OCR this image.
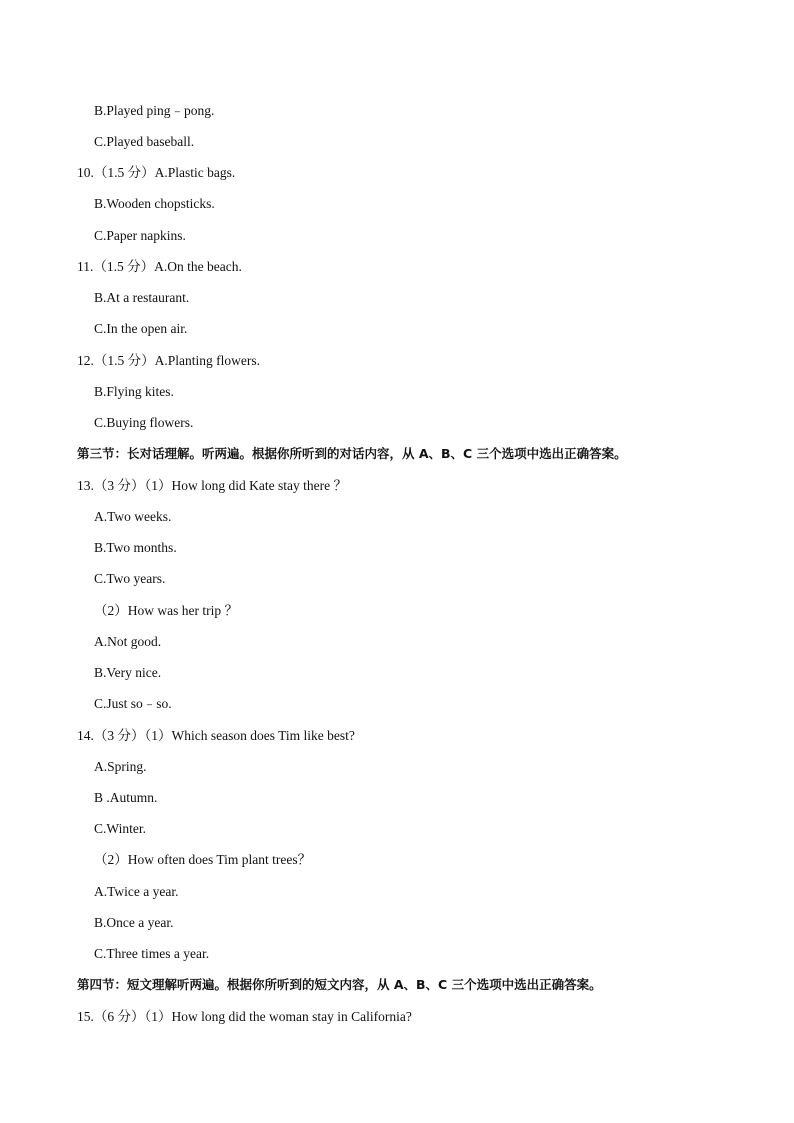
B.Played ping﹣pong.
C.Played baseball.
10.（1.5 分）A.Plastic bags.
B.Wooden chopsticks.
C.Paper napkins.
11.（1.5 分）A.On the beach.
B.At a restaurant.
C.In the open air.
12.（1.5 分）A.Planting flowers.
B.Flying kites.
C.Buying flowers.
第三节：长对话理解。听两遍。根据你所听到的对话内容，从 A、B、C 三个选项中选出正确答案。
13.（3 分）（1）How long did Kate stay there ？
A.Two weeks.
B.Two months.
C.Two years.
（2）How was her trip ？
A.Not good.
B.Very nice.
C.Just so﹣so.
14.（3 分）（1）Which season does Tim like best?
A.Spring.
B .Autumn.
C.Winter.
（2）How often does Tim plant trees？
A.Twice a year.
B.Once a year.
C.Three times a year.
第四节：短文理解听两遍。根据你所听到的短文内容，从 A、B、C 三个选项中选出正确答案。
15.（6 分）（1）How long did the woman stay in California?
